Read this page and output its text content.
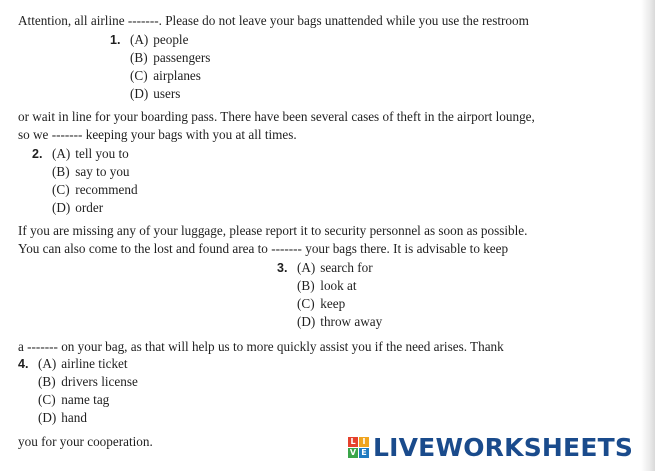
Attention, all airline -------. Please do not leave your bags unattended while you use the restroom
1. (A) people
(B) passengers
(C) airplanes
(D) users
or wait in line for your boarding pass. There have been several cases of theft in the airport lounge,
so we ------- keeping your bags with you at all times.
2. (A) tell you to
(B) say to you
(C) recommend
(D) order
If you are missing any of your luggage, please report it to security personnel as soon as possible.
You can also come to the lost and found area to ------- your bags there. It is advisable to keep
3. (A) search for
(B) look at
(C) keep
(D) throw away
a ------- on your bag, as that will help us to more quickly assist you if the need arises. Thank
4. (A) airline ticket
(B) drivers license
(C) name tag
(D) hand
you for your cooperation.	L I
V E LIVEWORKSHEETS
